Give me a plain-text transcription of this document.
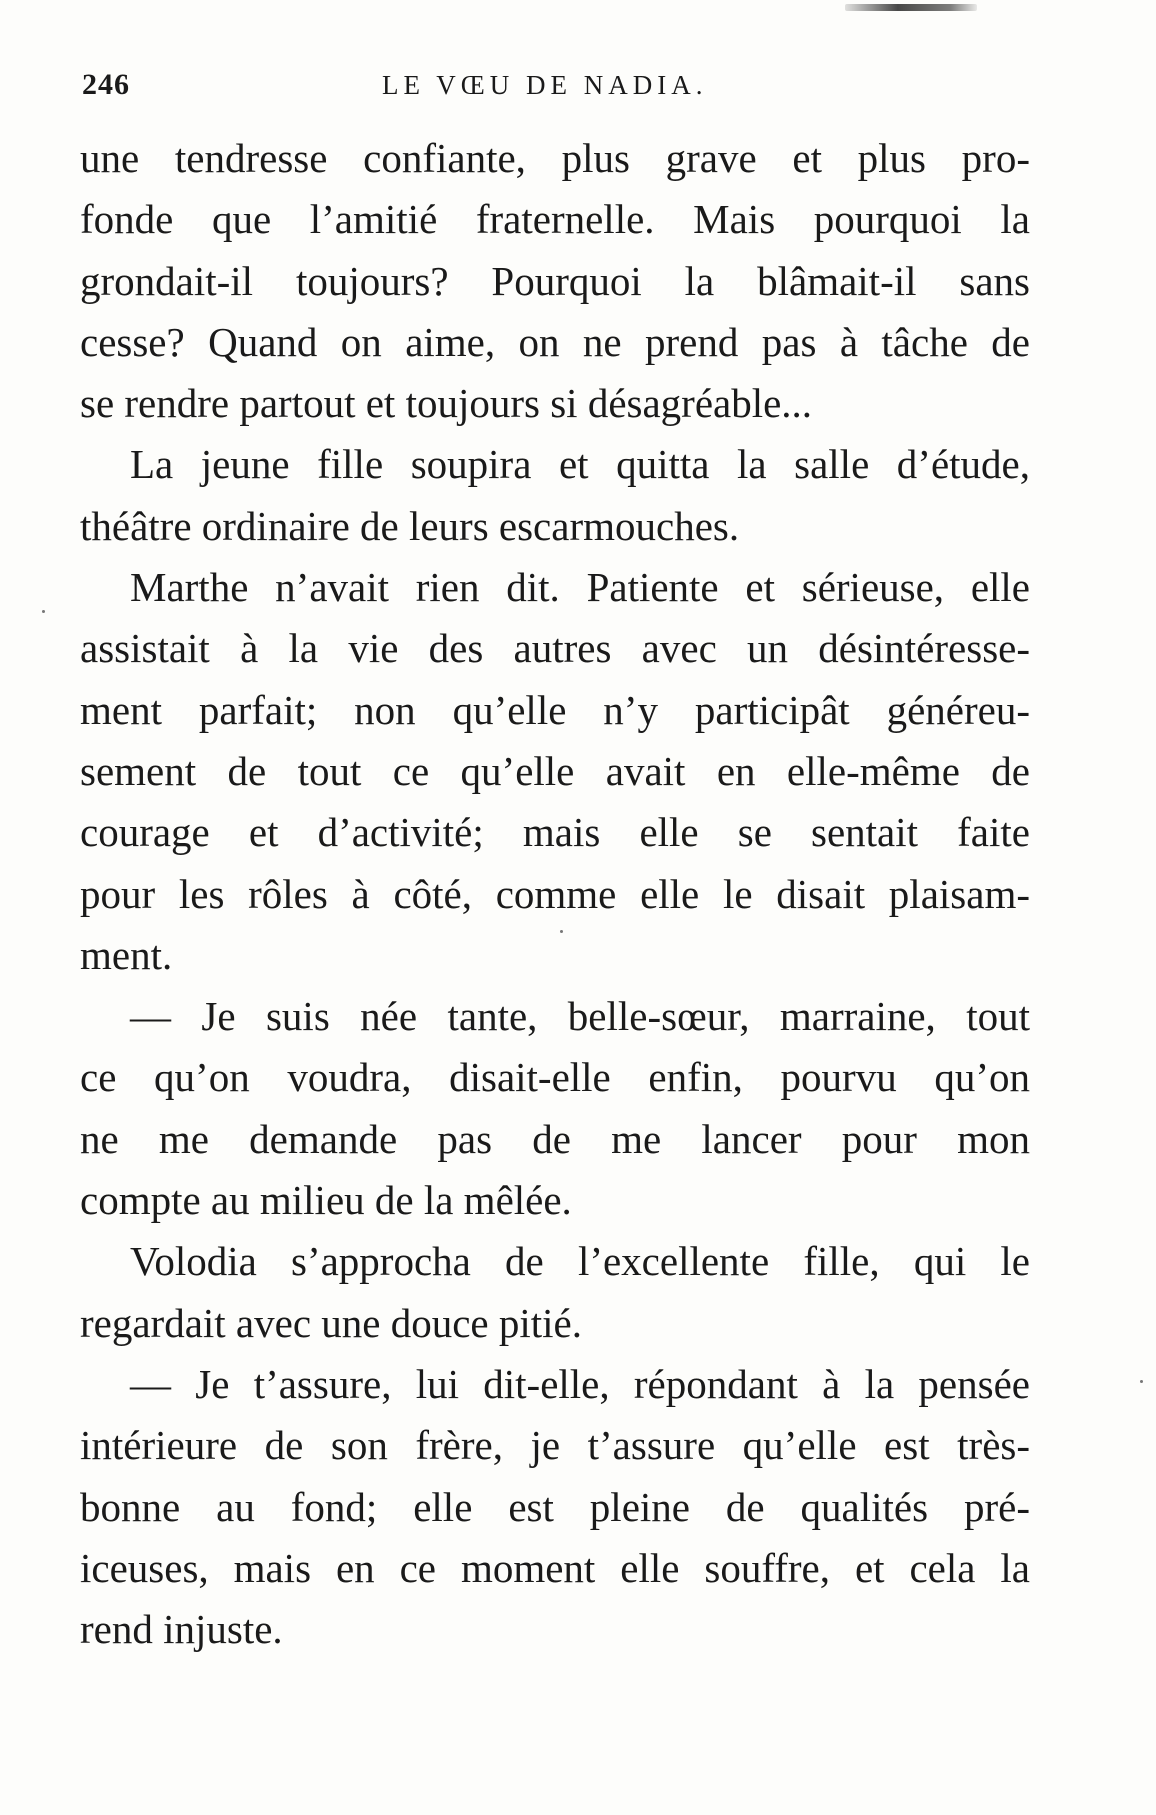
246	LE VŒU DE NADIA.
une tendresse confiante, plus grave et plus pro-
fonde que l’amitié fraternelle. Mais pourquoi la
grondait-il toujours? Pourquoi la blâmait-il sans
cesse? Quand on aime, on ne prend pas à tâche de
se rendre partout et toujours si désagréable...
La jeune fille soupira et quitta la salle d’étude,
théâtre ordinaire de leurs escarmouches.
Marthe n’avait rien dit. Patiente et sérieuse, elle
assistait à la vie des autres avec un désintéresse-
ment parfait; non qu’elle n’y participât généreu-
sement de tout ce qu’elle avait en elle-même de
courage et d’activité; mais elle se sentait faite
pour les rôles à côté, comme elle le disait plaisam-
ment.
— Je suis née tante, belle-sœur, marraine, tout
ce qu’on voudra, disait-elle enfin, pourvu qu’on
ne me demande pas de me lancer pour mon
compte au milieu de la mêlée.
Volodia s’approcha de l’excellente fille, qui le
regardait avec une douce pitié.
— Je t’assure, lui dit-elle, répondant à la pensée
intérieure de son frère, je t’assure qu’elle est très-
bonne au fond; elle est pleine de qualités pré-
iceuses, mais en ce moment elle souffre, et cela la
rend injuste.
